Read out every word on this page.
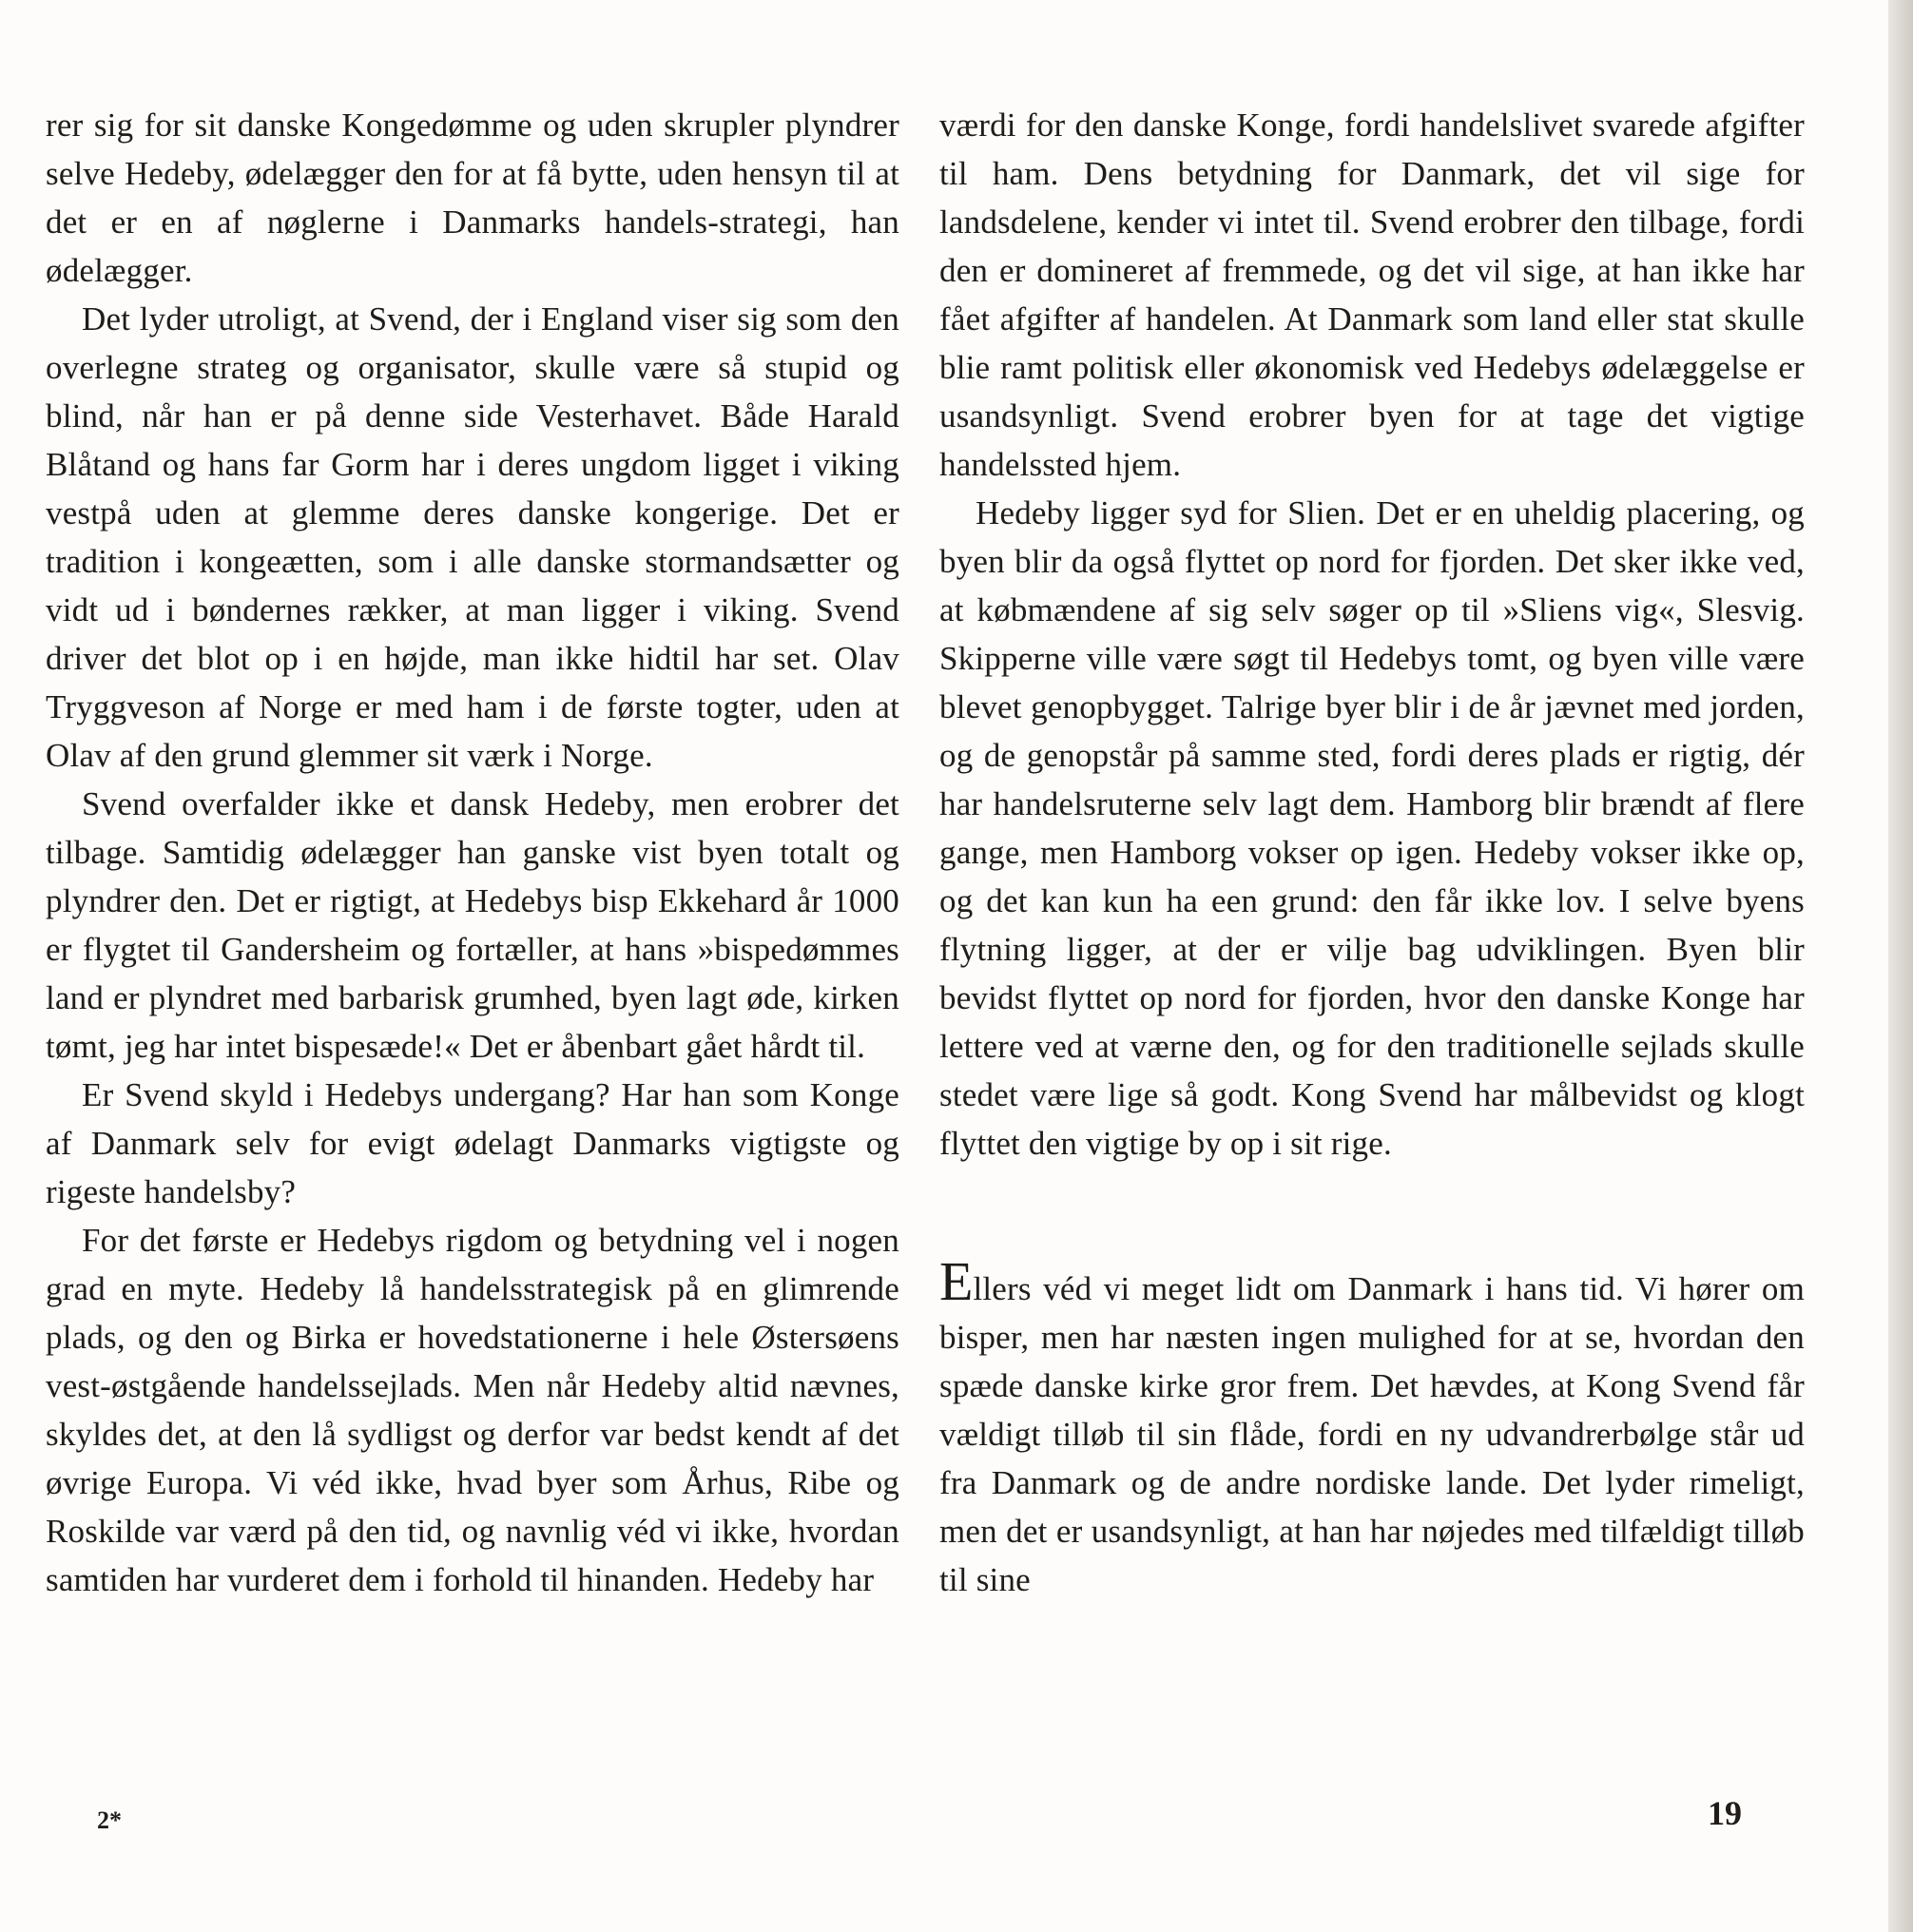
rer sig for sit danske Kongedømme og uden skrupler plyndrer selve Hedeby, ødelægger den for at få bytte, uden hensyn til at det er en af nøglerne i Danmarks handels-strategi, han ødelægger.

Det lyder utroligt, at Svend, der i England viser sig som den overlegne strateg og organisator, skulle være så stupid og blind, når han er på denne side Vesterhavet. Både Harald Blåtand og hans far Gorm har i deres ungdom ligget i viking vestpå uden at glemme deres danske kongerige. Det er tradition i kongeætten, som i alle danske stormandsætter og vidt ud i bøndernes rækker, at man ligger i viking. Svend driver det blot op i en højde, man ikke hidtil har set. Olav Tryggveson af Norge er med ham i de første togter, uden at Olav af den grund glemmer sit værk i Norge.

Svend overfalder ikke et dansk Hedeby, men erobrer det tilbage. Samtidig ødelægger han ganske vist byen totalt og plyndrer den. Det er rigtigt, at Hedebys bisp Ekkehard år 1000 er flygtet til Gandersheim og fortæller, at hans »bispedømmes land er plyndret med barbarisk grumhed, byen lagt øde, kirken tømt, jeg har intet bispesæde!« Det er åbenbart gået hårdt til.

Er Svend skyld i Hedebys undergang? Har han som Konge af Danmark selv for evigt ødelagt Danmarks vigtigste og rigeste handelsby?

For det første er Hedebys rigdom og betydning vel i nogen grad en myte. Hedeby lå handelsstrategisk på en glimrende plads, og den og Birka er hovedstationerne i hele Østersøens vest-østgående handelssejlads. Men når Hedeby altid nævnes, skyldes det, at den lå sydligst og derfor var bedst kendt af det øvrige Europa. Vi véd ikke, hvad byer som Århus, Ribe og Roskilde var værd på den tid, og navnlig véd vi ikke, hvordan samtiden har vurderet dem i forhold til hinanden. Hedeby har

værdi for den danske Konge, fordi handelslivet svarede afgifter til ham. Dens betydning for Danmark, det vil sige for landsdelene, kender vi intet til. Svend erobrer den tilbage, fordi den er domineret af fremmede, og det vil sige, at han ikke har fået afgifter af handelen. At Danmark som land eller stat skulle blie ramt politisk eller økonomisk ved Hedebys ødelæggelse er usandsynligt. Svend erobrer byen for at tage det vigtige handelssted hjem.

Hedeby ligger syd for Slien. Det er en uheldig placering, og byen blir da også flyttet op nord for fjorden. Det sker ikke ved, at købmændene af sig selv søger op til »Sliens vig«, Slesvig. Skipperne ville være søgt til Hedebys tomt, og byen ville være blevet genopbygget. Talrige byer blir i de år jævnet med jorden, og de genopstår på samme sted, fordi deres plads er rigtig, dér har handelsruterne selv lagt dem. Hamborg blir brændt af flere gange, men Hamborg vokser op igen. Hedeby vokser ikke op, og det kan kun ha een grund: den får ikke lov. I selve byens flytning ligger, at der er vilje bag udviklingen. Byen blir bevidst flyttet op nord for fjorden, hvor den danske Konge har lettere ved at værne den, og for den traditionelle sejlads skulle stedet være lige så godt. Kong Svend har målbevidst og klogt flyttet den vigtige by op i sit rige.

Ellers véd vi meget lidt om Danmark i hans tid. Vi hører om bisper, men har næsten ingen mulighed for at se, hvordan den spæde danske kirke gror frem. Det hævdes, at Kong Svend får vældigt tilløb til sin flåde, fordi en ny udvandrerbølge står ud fra Danmark og de andre nordiske lande. Det lyder rimeligt, men det er usandsynligt, at han har nøjedes med tilfældigt tilløb til sine

2*	19
